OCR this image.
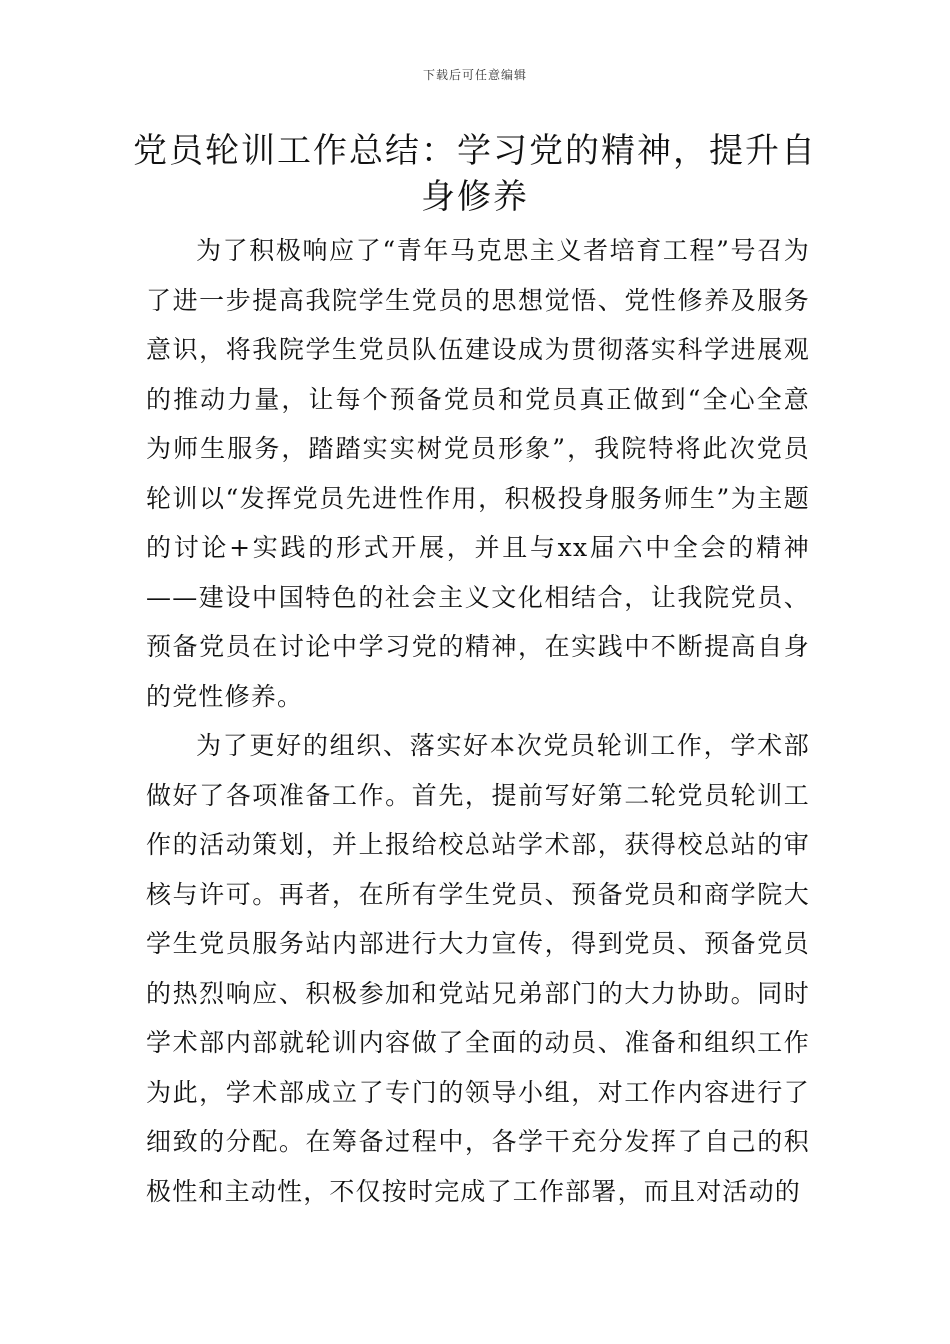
下载后可任意编辑
党员轮训工作总结：学习党的精神，提升自身修养

为了积极响应了“青年马克思主义者培育工程”号召为了进一步提高我院学生党员的思想觉悟、党性修养及服务意识，将我院学生党员队伍建设成为贯彻落实科学进展观的推动力量，让每个预备党员和党员真正做到“全心全意为师生服务，踏踏实实树党员形象”，我院特将此次党员轮训以“发挥党员先进性作用，积极投身服务师生”为主题的讨论+实践的形式开展，并且与xx届六中全会的精神——建设中国特色的社会主义文化相结合，让我院党员、预备党员在讨论中学习党的精神，在实践中不断提高自身的党性修养。

为了更好的组织、落实好本次党员轮训工作，学术部做好了各项准备工作。首先，提前写好第二轮党员轮训工作的活动策划，并上报给校总站学术部，获得校总站的审核与许可。再者，在所有学生党员、预备党员和商学院大学生党员服务站内部进行大力宣传，得到党员、预备党员的热烈响应、积极参加和党站兄弟部门的大力协助。同时学术部内部就轮训内容做了全面的动员、准备和组织工作为此，学术部成立了专门的领导小组，对工作内容进行了细致的分配。在筹备过程中，各学干充分发挥了自己的积极性和主动性，不仅按时完成了工作部署，而且对活动的
